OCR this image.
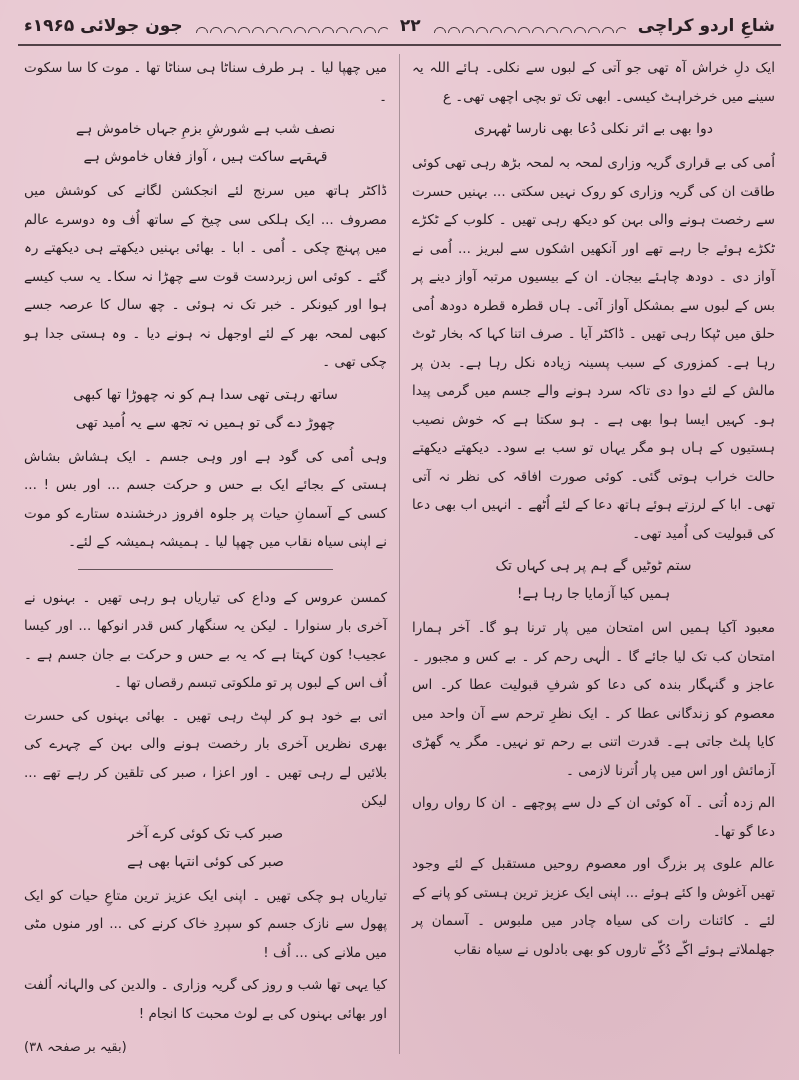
شاعِ اردو کراچی
۲۲
جون جولائی ۱۹۶۵ء

ایک دلِ خراش آہ تھی جو آتی کے لبوں سے نکلی۔ ہائے اللہ یہ سینے میں خرخراہٹ کیسی۔ ابھی تک تو بچی اچھی تھی۔ ع

دوا بھی بے اثر نکلی دُعا بھی نارسا ٹھہری

اُمی کی بے قراری گریہ وزاری لمحہ بہ لمحہ بڑھ رہی تھی کوئی طاقت ان کی گریہ وزاری کو روک نہیں سکتی ... بہنیں حسرت سے رخصت ہونے والی بہن کو دیکھ رہی تھیں ۔ کلوب کے ٹکڑے ٹکڑے ہوئے جا رہے تھے اور آنکھیں اشکوں سے لبریز ... اُمی نے آواز دی ۔ دودھ چاہئے بیجان۔ ان کے بیسیوں مرتبہ آواز دینے پر بس کے لبوں سے بمشکل آواز آئی۔ ہاں قطرہ قطرہ دودھ اُمی حلق میں ٹپکا رہی تھیں ۔ ڈاکٹر آیا ۔ صرف اتنا کہا کہ بخار ٹوٹ رہا ہے۔ کمزوری کے سبب پسینہ زیادہ نکل رہا ہے۔ بدن پر مالش کے لئے دوا دی تاکہ سرد ہونے والے جسم میں گرمی پیدا ہو۔ کہیں ایسا ہوا بھی ہے ۔ ہو سکتا ہے کہ خوش نصیب ہستیوں کے ہاں ہو مگر یہاں تو سب بے سود۔ دیکھتے دیکھتے حالت خراب ہوتی گئی۔ کوئی صورت افاقہ کی نظر نہ آتی تھی۔ ابا کے لرزتے ہوئے ہاتھ دعا کے لئے اُٹھے ۔ انہیں اب بھی دعا کی قبولیت کی اُمید تھی۔

ستم ٹوٹیں گے ہم پر ہی کہاں تک
ہمیں کیا آزمایا جا رہا ہے!

معبود آکیا ہمیں اس امتحان میں پار ترنا ہو گا۔ آخر ہمارا امتحان کب تک لیا جائے گا ۔ الٰہی رحم کر ۔ بے کس و مجبور ۔ عاجز و گنہگار بندہ کی دعا کو شرفِ قبولیت عطا کر۔ اس معصوم کو زندگانی عطا کر ۔ ایک نظرِ ترحم سے آن واحد میں کایا پلٹ جاتی ہے۔ قدرت اتنی بے رحم تو نہیں۔ مگر یہ گھڑی آزمائش اور اس میں پار اُترنا لازمی ۔

الم زدہ اُتی ۔ آہ کوئی ان کے دل سے پوچھے ۔ ان کا رواں رواں دعا گو تھا۔

عالم علوی پر بزرگ اور معصوم روحیں مستقبل کے لئے وجود تھیں آغوش وا کئے ہوئے ... اپنی ایک عزیز ترین ہستی کو پانے کے لئے ۔ کائنات رات کی سیاہ چادر میں ملبوس ۔ آسمان پر جھلملاتے ہوئے اکّے دُکّے تاروں کو بھی بادلوں نے سیاہ نقاب

میں چھپا لیا ۔ ہر طرف سناٹا ہی سناٹا تھا ۔ موت کا سا سکوت ۔

نصف شب ہے شورشِ بزمِ جہاں خاموش ہے
قہقہے ساکت ہیں ، آواز فغاں خاموش ہے

ڈاکٹر ہاتھ میں سرنج لئے انجکشن لگانے کی کوشش میں مصروف ... ایک ہلکی سی چیخ کے ساتھ اُف وہ دوسرے عالم میں پہنچ چکی ۔ اُمی ۔ ابا ۔ بھائی بہنیں دیکھتے ہی دیکھتے رہ گئے ۔ کوئی اس زبردست قوت سے چھڑا نہ سکا۔ یہ سب کیسے ہوا اور کیونکر ۔ خبر تک نہ ہوئی ۔ چھ سال کا عرصہ جسے کبھی لمحہ بھر کے لئے اوجھل نہ ہونے دیا ۔ وہ ہستی جدا ہو چکی تھی ۔

ساتھ رہتی تھی سدا ہم کو نہ چھوڑا تھا کبھی
چھوڑ دے گی تو ہمیں نہ تجھ سے یہ اُمید تھی

وہی اُمی کی گود ہے اور وہی جسم ۔ ایک ہشاش بشاش ہستی کے بجائے ایک بے حس و حرکت جسم ... اور بس ! ... کسی کے آسمانِ حیات پر جلوہ افروز درخشندہ ستارے کو موت نے اپنی سیاہ نقاب میں چھپا لیا ۔ ہمیشہ ہمیشہ کے لئے۔

کمسن عروس کے وداع کی تیاریاں ہو رہی تھیں ۔ بہنوں نے آخری بار سنوارا ۔ لیکن یہ سنگھار کس قدر انوکھا ... اور کیسا عجیب! کون کہتا ہے کہ یہ بے حس و حرکت بے جان جسم ہے ۔ اُف اس کے لبوں پر تو ملکوتی تبسم رقصاں تھا ۔

اتی بے خود ہو کر لپٹ رہی تھیں ۔ بھائی بہنوں کی حسرت بھری نظریں آخری بار رخصت ہونے والی بہن کے چہرے کی بلائیں لے رہی تھیں ۔ اور اعزا ، صبر کی تلقین کر رہے تھے ... لیکن

صبر کب تک کوئی کرے آخر
صبر کی کوئی انتہا بھی ہے

تیاریاں ہو چکی تھیں ۔ اپنی ایک عزیز ترین متاعِ حیات کو ایک پھول سے نازک جسم کو سپردِ خاک کرنے کی ... اور منوں مٹی میں ملانے کی ... اُف !

کیا یہی تھا شب و روز کی گریہ وزاری ۔ والدین کی والہانہ اُلفت اور بھائی بہنوں کی بے لوث محبت کا انجام !

(بقیہ بر صفحہ ۳۸)
